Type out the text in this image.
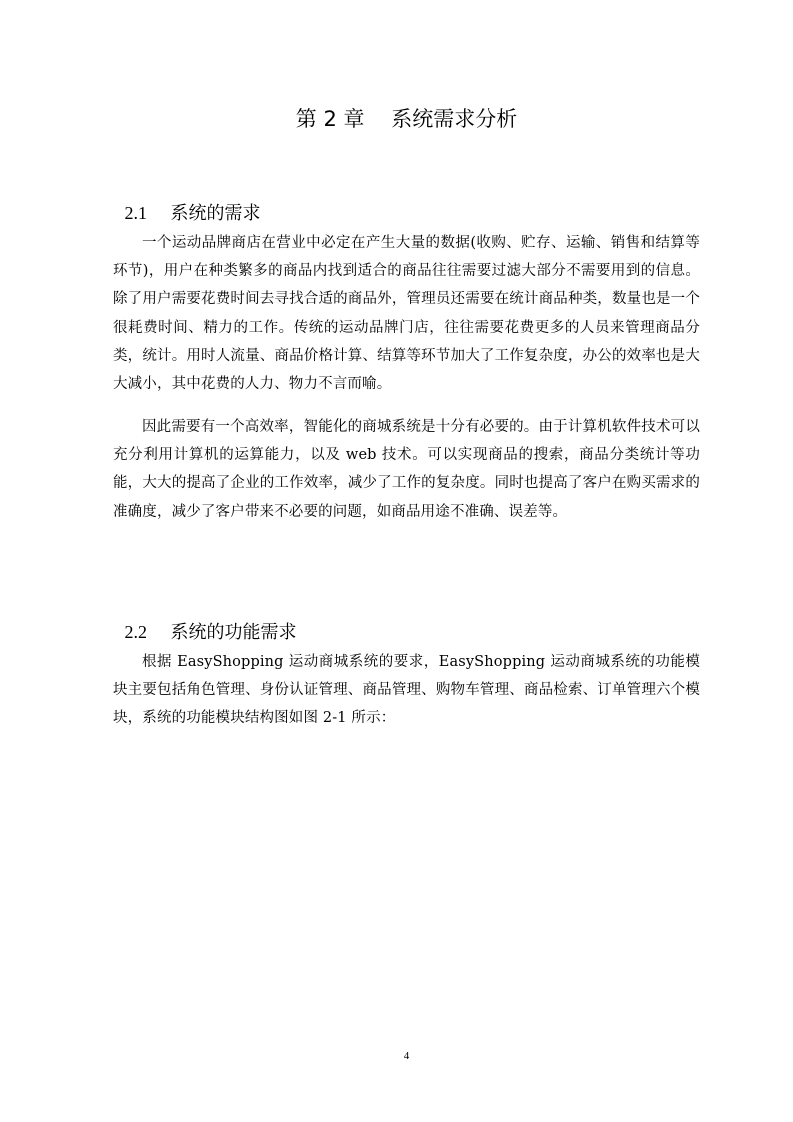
第 2 章    系统需求分析

2.1 系统的需求

一个运动品牌商店在营业中必定在产生大量的数据(收购、贮存、运输、销售和结算等环节)，用户在种类繁多的商品内找到适合的商品往往需要过滤大部分不需要用到的信息。除了用户需要花费时间去寻找合适的商品外，管理员还需要在统计商品种类，数量也是一个很耗费时间、精力的工作。传统的运动品牌门店，往往需要花费更多的人员来管理商品分类，统计。用时人流量、商品价格计算、结算等环节加大了工作复杂度，办公的效率也是大大减小，其中花费的人力、物力不言而喻。

因此需要有一个高效率，智能化的商城系统是十分有必要的。由于计算机软件技术可以充分利用计算机的运算能力，以及 web 技术。可以实现商品的搜索，商品分类统计等功能，大大的提高了企业的工作效率，减少了工作的复杂度。同时也提高了客户在购买需求的准确度，减少了客户带来不必要的问题，如商品用途不准确、误差等。

2.2 系统的功能需求

根据 EasyShopping 运动商城系统的要求，EasyShopping 运动商城系统的功能模块主要包括角色管理、身份认证管理、商品管理、购物车管理、商品检索、订单管理六个模块，系统的功能模块结构图如图 2-1 所示：

4
